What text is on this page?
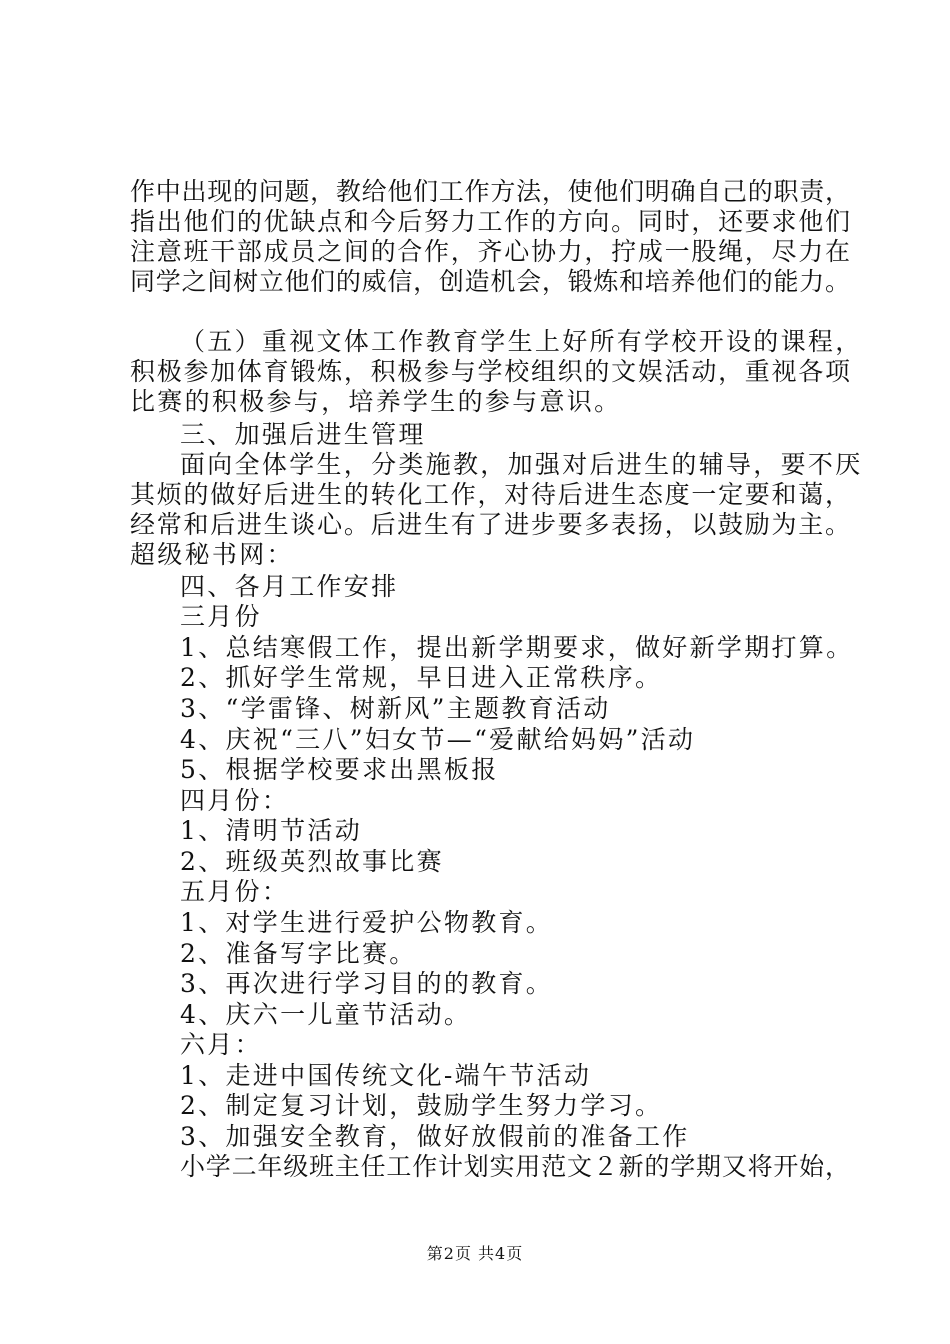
作中出现的问题，教给他们工作方法，使他们明确自己的职责，
指出他们的优缺点和今后努力工作的方向。同时，还要求他们
注意班干部成员之间的合作，齐心协力，拧成一股绳，尽力在
同学之间树立他们的威信，创造机会，锻炼和培养他们的能力。
（五）重视文体工作教育学生上好所有学校开设的课程，
积极参加体育锻炼，积极参与学校组织的文娱活动，重视各项
比赛的积极参与，培养学生的参与意识。
三、加强后进生管理
面向全体学生，分类施教，加强对后进生的辅导，要不厌
其烦的做好后进生的转化工作，对待后进生态度一定要和蔼，
经常和后进生谈心。后进生有了进步要多表扬，以鼓励为主。
超级秘书网：
四、各月工作安排
三月份
1、总结寒假工作，提出新学期要求，做好新学期打算。
2、抓好学生常规，早日进入正常秩序。
3、“学雷锋、树新风”主题教育活动
4、庆祝“三八”妇女节—“爱献给妈妈”活动
5、根据学校要求出黑板报
四月份：
1、清明节活动
2、班级英烈故事比赛
五月份：
1、对学生进行爱护公物教育。
2、准备写字比赛。
3、再次进行学习目的的教育。
4、庆六一儿童节活动。
六月：
1、走进中国传统文化-端午节活动
2、制定复习计划，鼓励学生努力学习。
3、加强安全教育，做好放假前的准备工作
小学二年级班主任工作计划实用范文２新的学期又将开始，
第2页 共4页
